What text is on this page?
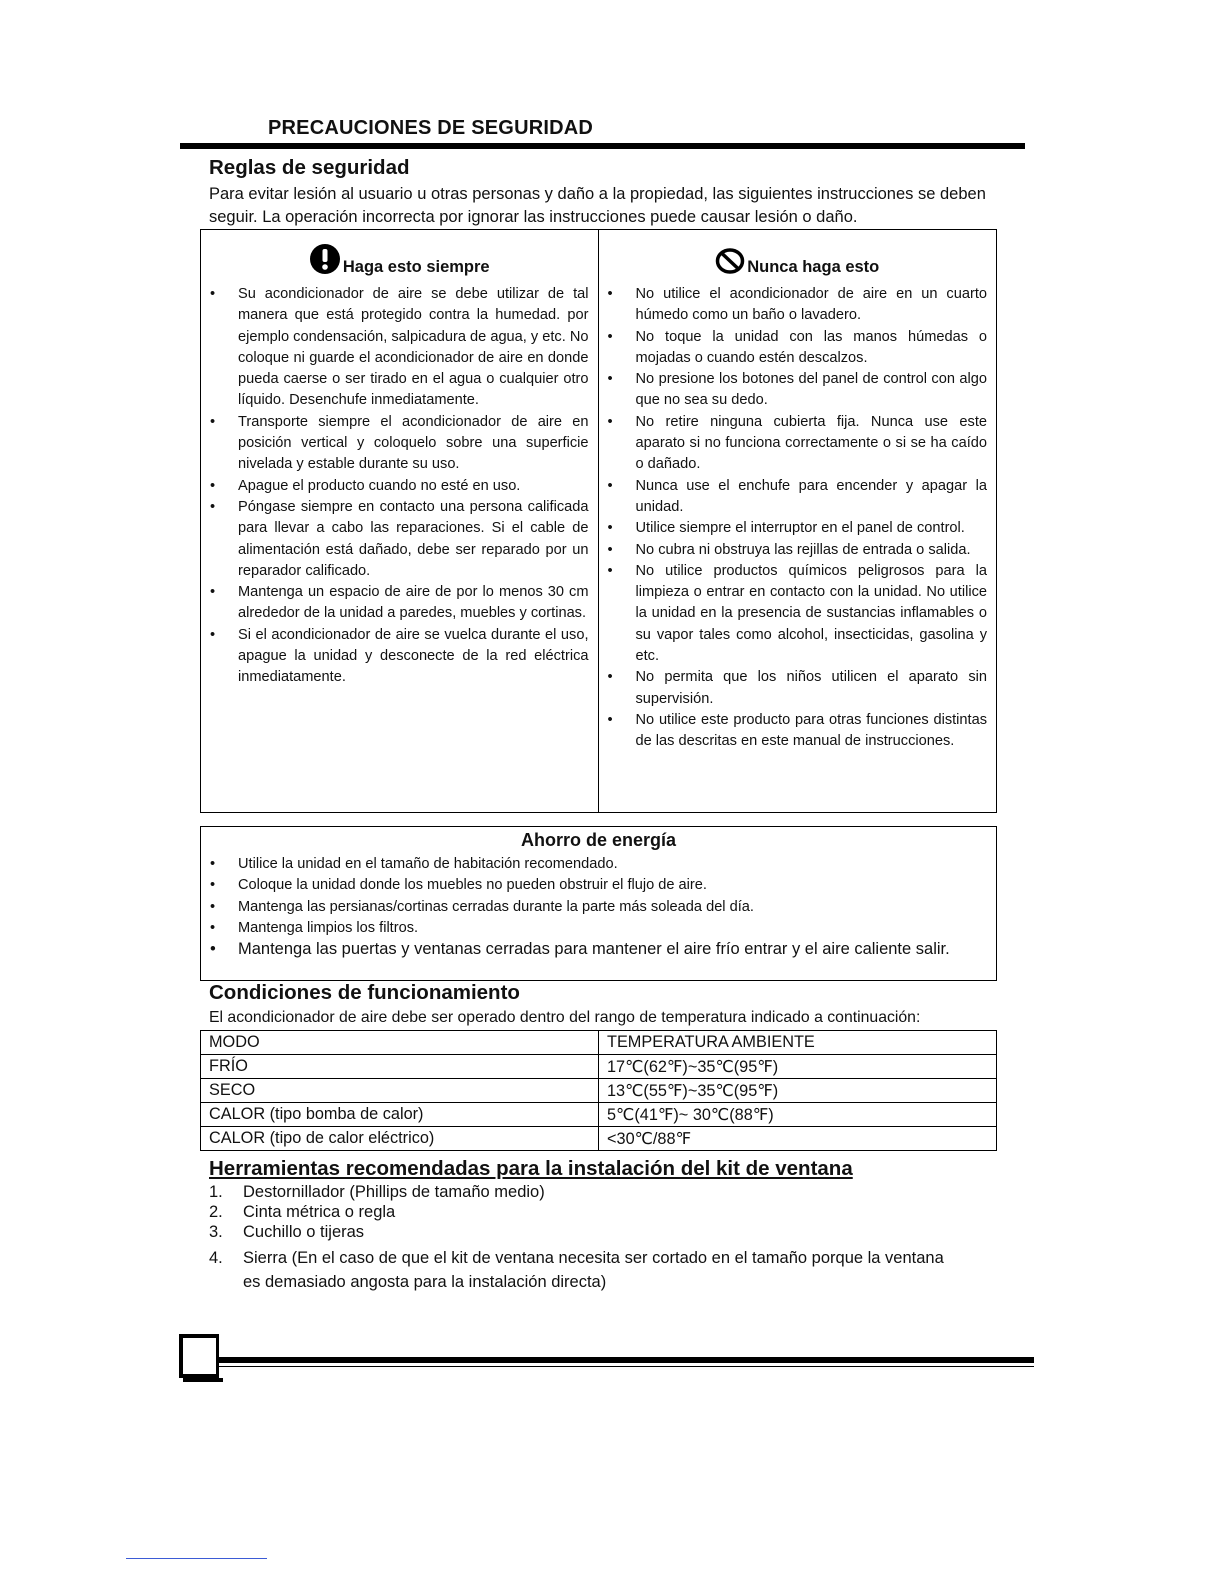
PRECAUCIONES DE SEGURIDAD
Reglas de seguridad
Para evitar lesión al usuario u otras personas y daño a la propiedad, las siguientes instrucciones se deben seguir. La operación incorrecta por ignorar las instrucciones puede causar lesión o daño.
Haga esto siempre
• Su acondicionador de aire se debe utilizar de tal manera que está protegido contra la humedad. por ejemplo condensación, salpicadura de agua, y etc. No coloque ni guarde el acondicionador de aire en donde pueda caerse o ser tirado en el agua o cualquier otro líquido. Desenchufe inmediatamente.
• Transporte siempre el acondicionador de aire en posición vertical y coloquelo sobre una superficie nivelada y estable durante su uso.
• Apague el producto cuando no esté en uso.
• Póngase siempre en contacto una persona calificada para llevar a cabo las reparaciones. Si el cable de alimentación está dañado, debe ser reparado por un reparador calificado.
• Mantenga un espacio de aire de por lo menos 30 cm alrededor de la unidad a paredes, muebles y cortinas.
• Si el acondicionador de aire se vuelca durante el uso, apague la unidad y desconecte de la red eléctrica inmediatamente.
Nunca haga esto
• No utilice el acondicionador de aire en un cuarto húmedo como un baño o lavadero.
• No toque la unidad con las manos húmedas o mojadas o cuando estén descalzos.
• No presione los botones del panel de control con algo que no sea su dedo.
• No retire ninguna cubierta fija. Nunca use este aparato si no funciona correctamente o si se ha caído o dañado.
• Nunca use el enchufe para encender y apagar la unidad.
• Utilice siempre el interruptor en el panel de control.
• No cubra ni obstruya las rejillas de entrada o salida.
• No utilice productos químicos peligrosos para la limpieza o entrar en contacto con la unidad. No utilice la unidad en la presencia de sustancias inflamables o su vapor tales como alcohol, insecticidas, gasolina y etc.
• No permita que los niños utilicen el aparato sin supervisión.
• No utilice este producto para otras funciones distintas de las descritas en este manual de instrucciones.
Ahorro de energía
• Utilice la unidad en el tamaño de habitación recomendado.
• Coloque la unidad donde los muebles no pueden obstruir el flujo de aire.
• Mantenga las persianas/cortinas cerradas durante la parte más soleada del día.
• Mantenga limpios los filtros.
• Mantenga las puertas y ventanas cerradas para mantener el aire frío entrar y el aire caliente salir.
Condiciones de funcionamiento
El acondicionador de aire debe ser operado dentro del rango de temperatura indicado a continuación:
MODO	TEMPERATURA AMBIENTE
FRÍO	17℃(62℉)~35℃(95℉)
SECO	13℃(55℉)~35℃(95℉)
CALOR (tipo bomba de calor)	5℃(41℉)~ 30℃(88℉)
CALOR (tipo de calor eléctrico)	<30℃/88℉
Herramientas recomendadas para la instalación del kit de ventana
1. Destornillador (Phillips de tamaño medio)
2. Cinta métrica o regla
3. Cuchillo o tijeras
4. Sierra (En el caso de que el kit de ventana necesita ser cortado en el tamaño porque la ventana es demasiado angosta para la instalación directa)
